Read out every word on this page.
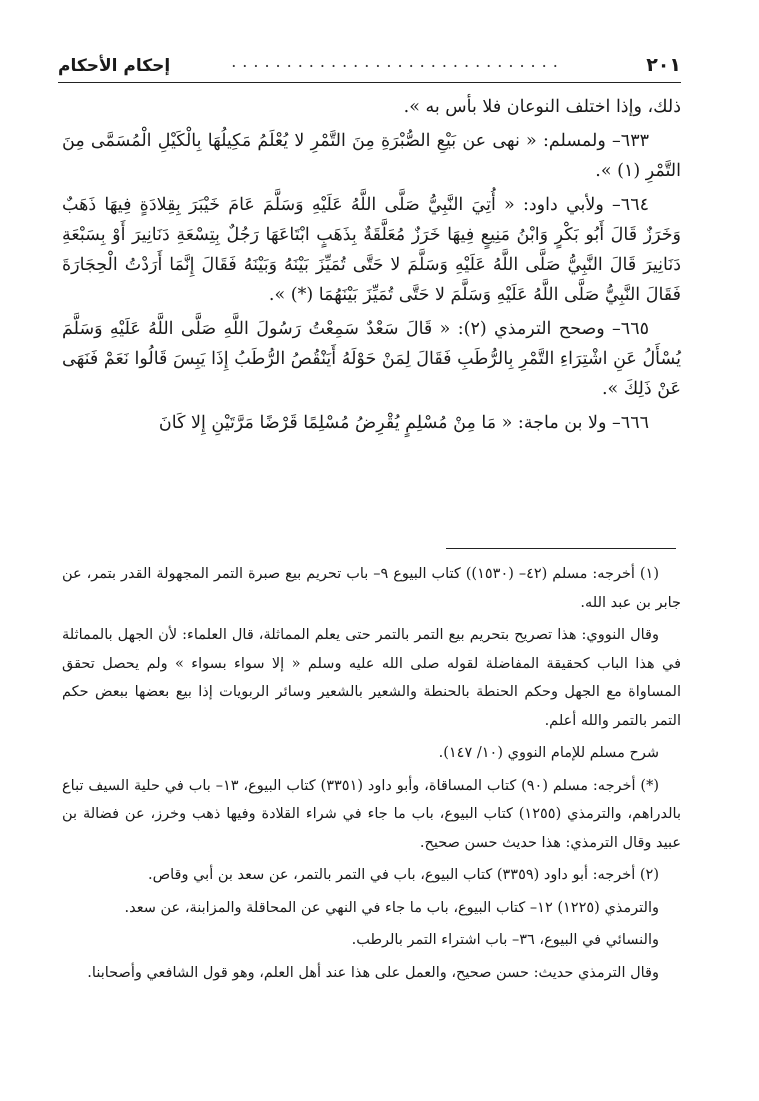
٢٠١
..............................
إحكام الأحكام

ذلك، وإذا اختلف النوعان فلا بأس به ».

٦٣٣– ولمسلم: « نهى عن بَيْعِ الصُّبْرَةِ مِنَ التَّمْرِ لا يُعْلَمُ مَكِيلُهَا بِالْكَيْلِ الْمُسَمَّى مِنَ التَّمْرِ (١) ».

٦٦٤– ولأبي داود: « أُتِيَ النَّبِيُّ صَلَّى اللَّهُ عَلَيْهِ وَسَلَّمَ عَامَ خَيْبَرَ بِقِلادَةٍ فِيهَا ذَهَبٌ وَخَرَزٌ قَالَ أَبُو بَكْرٍ وَابْنُ مَنِيعٍ فِيهَا خَرَزٌ مُعَلَّقَةٌ بِذَهَبٍ ابْتَاعَهَا رَجُلٌ بِتِسْعَةِ دَنَانِيرَ أَوْ بِسَبْعَةِ دَنَانِيرَ قَالَ النَّبِيُّ صَلَّى اللَّهُ عَلَيْهِ وَسَلَّمَ لا حَتَّى تُمَيِّزَ بَيْنَهُ وَبَيْنَهُ فَقَالَ إِنَّمَا أَرَدْتُ الْحِجَارَةَ فَقَالَ النَّبِيُّ صَلَّى اللَّهُ عَلَيْهِ وَسَلَّمَ لا حَتَّى تُمَيِّزَ بَيْنَهُمَا (*) ».

٦٦٥– وصحح الترمذي (٢): « قَالَ سَعْدٌ سَمِعْتُ رَسُولَ اللَّهِ صَلَّى اللَّهُ عَلَيْهِ وَسَلَّمَ يُسْأَلُ عَنِ اشْتِرَاءِ التَّمْرِ بِالرُّطَبِ فَقَالَ لِمَنْ حَوْلَهُ أَيَنْقُصُ الرُّطَبُ إِذَا يَبِسَ قَالُوا نَعَمْ فَنَهَى عَنْ ذَلِكَ ».

٦٦٦– ولا بن ماجة: « مَا مِنْ مُسْلِمٍ يُقْرِضُ مُسْلِمًا قَرْضًا مَرَّتَيْنِ إِلا كَانَ

(١) أخرجه: مسلم (٤٢– (١٥٣٠)) كتاب البيوع ٩– باب تحريم بيع صبرة التمر المجهولة القدر بتمر، عن جابر بن عبد الله.

وقال النووي: هذا تصريح بتحريم بيع التمر بالتمر حتى يعلم المماثلة، قال العلماء: لأن الجهل بالمماثلة في هذا الباب كحقيقة المفاضلة لقوله صلى الله عليه وسلم « إلا سواء بسواء » ولم يحصل تحقق المساواة مع الجهل وحكم الحنطة بالحنطة والشعير بالشعير وسائر الربويات إذا بيع بعضها ببعض حكم التمر بالتمر والله أعلم.

شرح مسلم للإمام النووي (١٠/ ١٤٧).

(*) أخرجه: مسلم (٩٠) كتاب المساقاة، وأبو داود (٣٣٥١) كتاب البيوع، ١٣– باب في حلية السيف تباع بالدراهم، والترمذي (١٢٥٥) كتاب البيوع، باب ما جاء في شراء القلادة وفيها ذهب وخرز، عن فضالة بن عبيد وقال الترمذي: هذا حديث حسن صحيح.

(٢) أخرجه: أبو داود (٣٣٥٩) كتاب البيوع، باب في التمر بالتمر، عن سعد بن أبي وقاص.

والترمذي (١٢٢٥) ١٢– كتاب البيوع، باب ما جاء في النهي عن المحاقلة والمزابنة، عن سعد.

والنسائي في البيوع، ٣٦– باب اشتراء التمر بالرطب.

وقال الترمذي حديث: حسن صحيح، والعمل على هذا عند أهل العلم، وهو قول الشافعي وأصحابنا.
